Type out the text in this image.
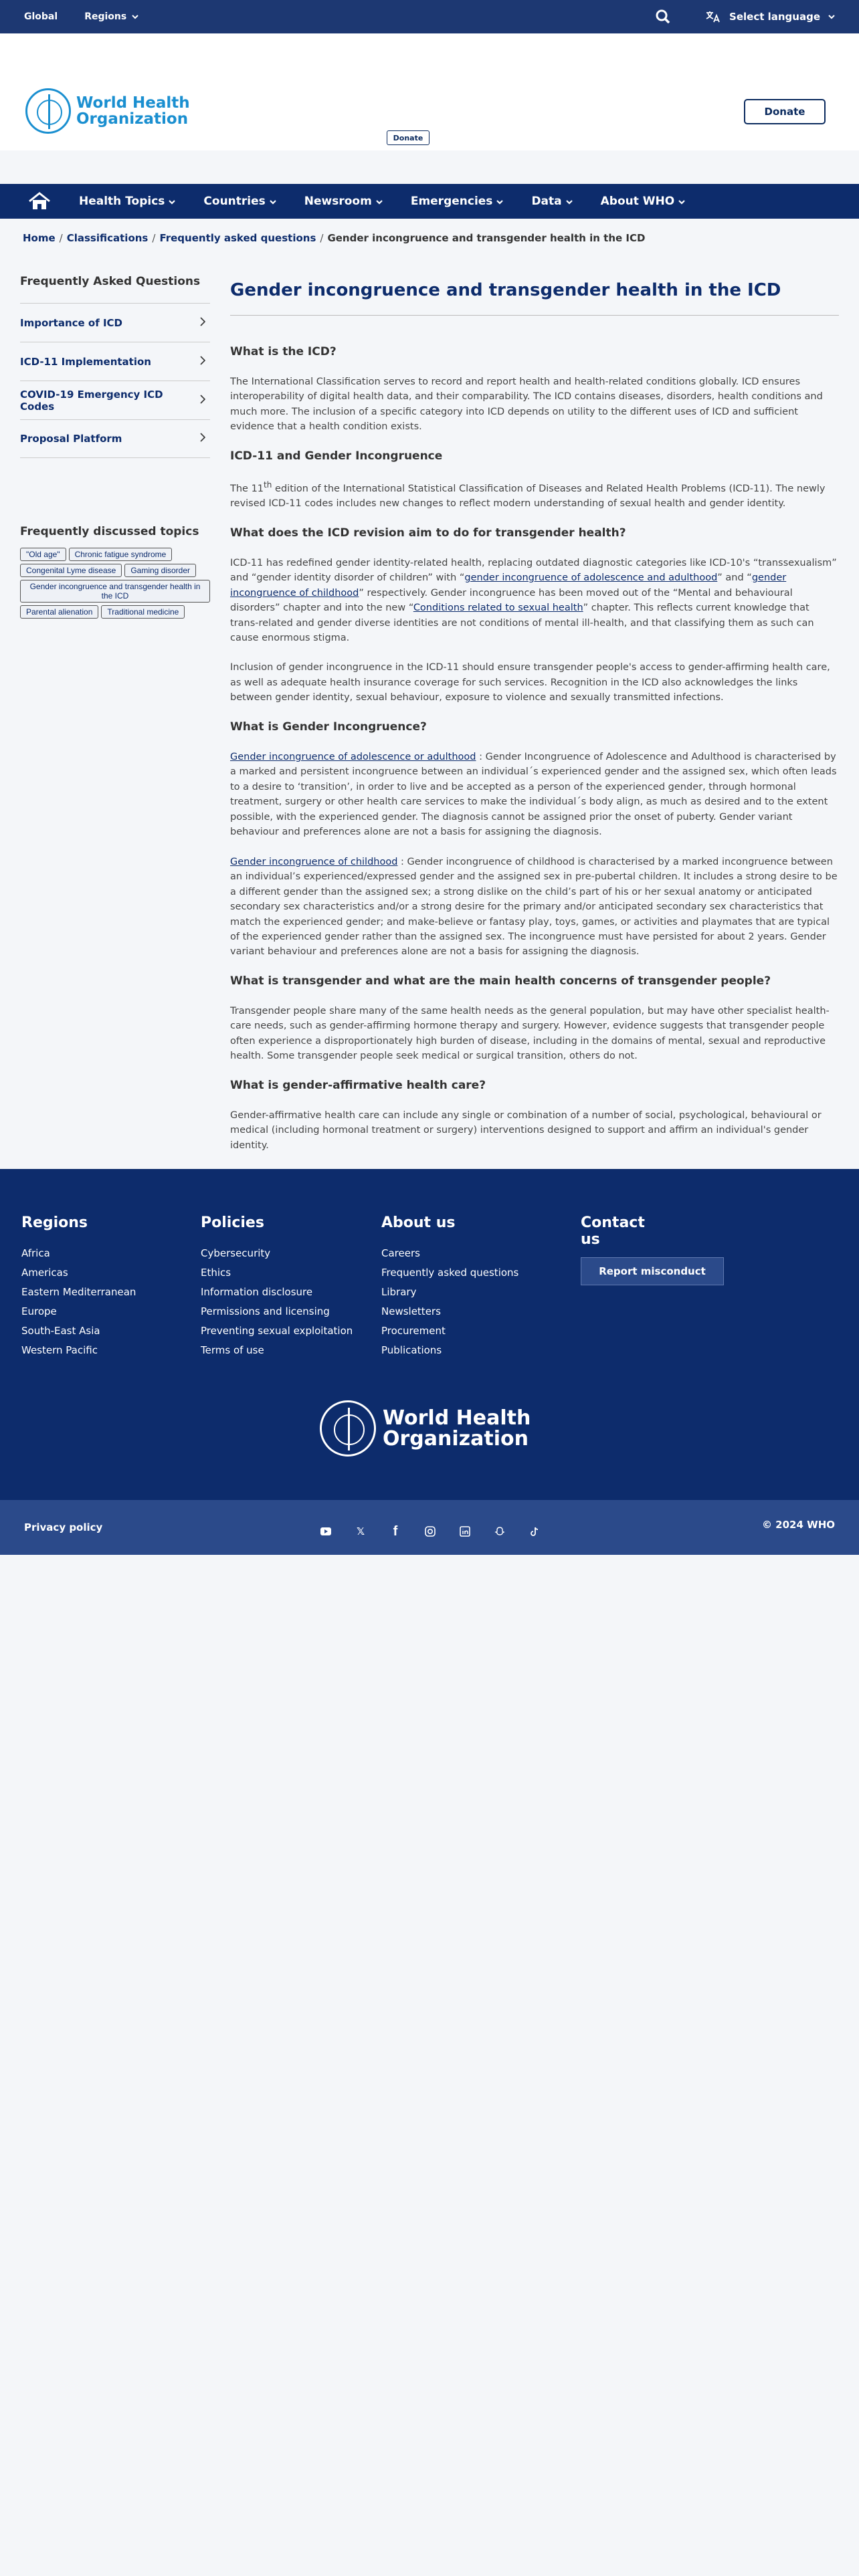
Global	Regions	Select language
World Health
Organization	Donate
Donate
Health Topics	Countries	Newsroom	Emergencies	Data	About WHO
Home / Classifications / Frequently asked questions / Gender incongruence and transgender health in the ICD
Frequently Asked Questions
Importance of ICD
ICD-11 Implementation
COVID-19 Emergency ICD Codes
Proposal Platform
Frequently discussed topics
"Old age"	Chronic fatigue syndrome
Congenital Lyme disease	Gaming disorder
Gender incongruence and transgender health in the ICD
Parental alienation	Traditional medicine
Gender incongruence and transgender health in the ICD
What is the ICD?

The International Classification serves to record and report health and health-related conditions globally. ICD ensures interoperability of digital health data, and their comparability. The ICD contains diseases, disorders, health conditions and much more. The inclusion of a specific category into ICD depends on utility to the different uses of ICD and sufficient evidence that a health condition exists.

ICD-11 and Gender Incongruence

The 11th edition of the International Statistical Classification of Diseases and Related Health Problems (ICD-11). The newly revised ICD-11 codes includes new changes to reflect modern understanding of sexual health and gender identity.

What does the ICD revision aim to do for transgender health?

ICD-11 has redefined gender identity-related health, replacing outdated diagnostic categories like ICD-10's “transsexualism” and “gender identity disorder of children” with “gender incongruence of adolescence and adulthood” and “gender incongruence of childhood” respectively. Gender incongruence has been moved out of the “Mental and behavioural disorders” chapter and into the new “Conditions related to sexual health” chapter. This reflects current knowledge that trans-related and gender diverse identities are not conditions of mental ill-health, and that classifying them as such can cause enormous stigma.

Inclusion of gender incongruence in the ICD-11 should ensure transgender people's access to gender-affirming health care, as well as adequate health insurance coverage for such services. Recognition in the ICD also acknowledges the links between gender identity, sexual behaviour, exposure to violence and sexually transmitted infections.

What is Gender Incongruence?

Gender incongruence of adolescence or adulthood : Gender Incongruence of Adolescence and Adulthood is characterised by a marked and persistent incongruence between an individual´s experienced gender and the assigned sex, which often leads to a desire to ‘transition’, in order to live and be accepted as a person of the experienced gender, through hormonal treatment, surgery or other health care services to make the individual´s body align, as much as desired and to the extent possible, with the experienced gender. The diagnosis cannot be assigned prior the onset of puberty. Gender variant behaviour and preferences alone are not a basis for assigning the diagnosis.

Gender incongruence of childhood : Gender incongruence of childhood is characterised by a marked incongruence between an individual’s experienced/expressed gender and the assigned sex in pre-pubertal children. It includes a strong desire to be a different gender than the assigned sex; a strong dislike on the child’s part of his or her sexual anatomy or anticipated secondary sex characteristics and/or a strong desire for the primary and/or anticipated secondary sex characteristics that match the experienced gender; and make-believe or fantasy play, toys, games, or activities and playmates that are typical of the experienced gender rather than the assigned sex. The incongruence must have persisted for about 2 years. Gender variant behaviour and preferences alone are not a basis for assigning the diagnosis.

What is transgender and what are the main health concerns of transgender people?

Transgender people share many of the same health needs as the general population, but may have other specialist health-care needs, such as gender-affirming hormone therapy and surgery. However, evidence suggests that transgender people often experience a disproportionately high burden of disease, including in the domains of mental, sexual and reproductive health. Some transgender people seek medical or surgical transition, others do not.

What is gender-affirmative health care?

Gender-affirmative health care can include any single or combination of a number of social, psychological, behavioural or medical (including hormonal treatment or surgery) interventions designed to support and affirm an individual's gender identity.

Regions
Africa
Americas
Eastern Mediterranean
Europe
South-East Asia
Western Pacific
Policies
Cybersecurity
Ethics
Information disclosure
Permissions and licensing
Preventing sexual exploitation
Terms of use
About us
Careers
Frequently asked questions
Library
Newsletters
Procurement
Publications
Contact
us
Report misconduct
World Health
Organization
Privacy policy	𝕏 f	© 2024 WHO
